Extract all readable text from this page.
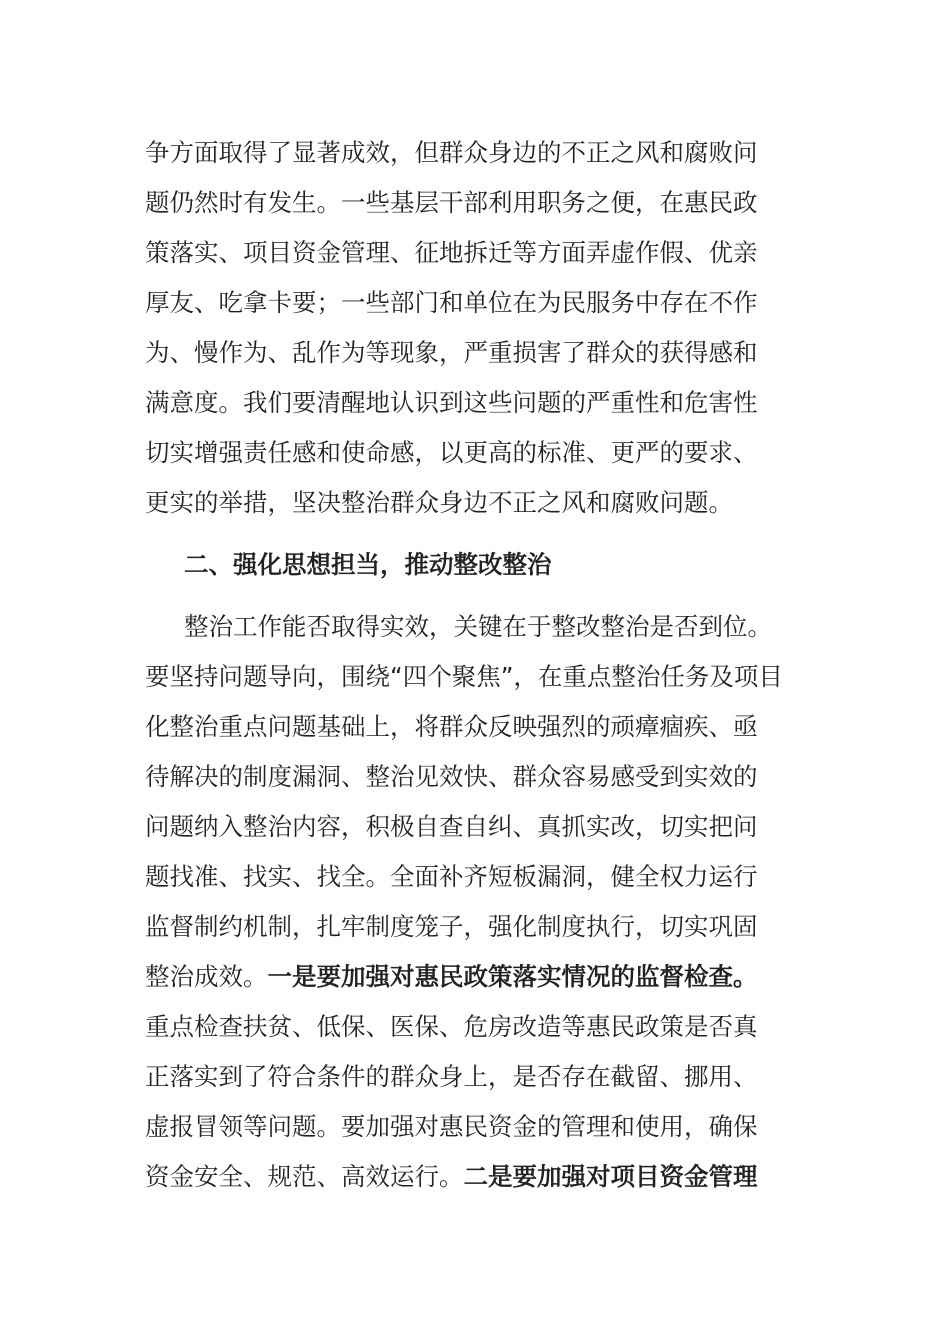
争方面取得了显著成效，但群众身边的不正之风和腐败问
题仍然时有发生。一些基层干部利用职务之便，在惠民政
策落实、项目资金管理、征地拆迁等方面弄虚作假、优亲
厚友、吃拿卡要；一些部门和单位在为民服务中存在不作
为、慢作为、乱作为等现象，严重损害了群众的获得感和
满意度。我们要清醒地认识到这些问题的严重性和危害性
切实增强责任感和使命感，以更高的标准、更严的要求、
更实的举措，坚决整治群众身边不正之风和腐败问题。
二、强化思想担当，推动整改整治
整治工作能否取得实效，关键在于整改整治是否到位。
要坚持问题导向，围绕“四个聚焦”，在重点整治任务及项目
化整治重点问题基础上，将群众反映强烈的顽瘴痼疾、亟
待解决的制度漏洞、整治见效快、群众容易感受到实效的
问题纳入整治内容，积极自查自纠、真抓实改，切实把问
题找准、找实、找全。全面补齐短板漏洞，健全权力运行
监督制约机制，扎牢制度笼子，强化制度执行，切实巩固
整治成效。一是要加强对惠民政策落实情况的监督检查。
重点检查扶贫、低保、医保、危房改造等惠民政策是否真
正落实到了符合条件的群众身上，是否存在截留、挪用、
虚报冒领等问题。要加强对惠民资金的管理和使用，确保
资金安全、规范、高效运行。二是要加强对项目资金管理
